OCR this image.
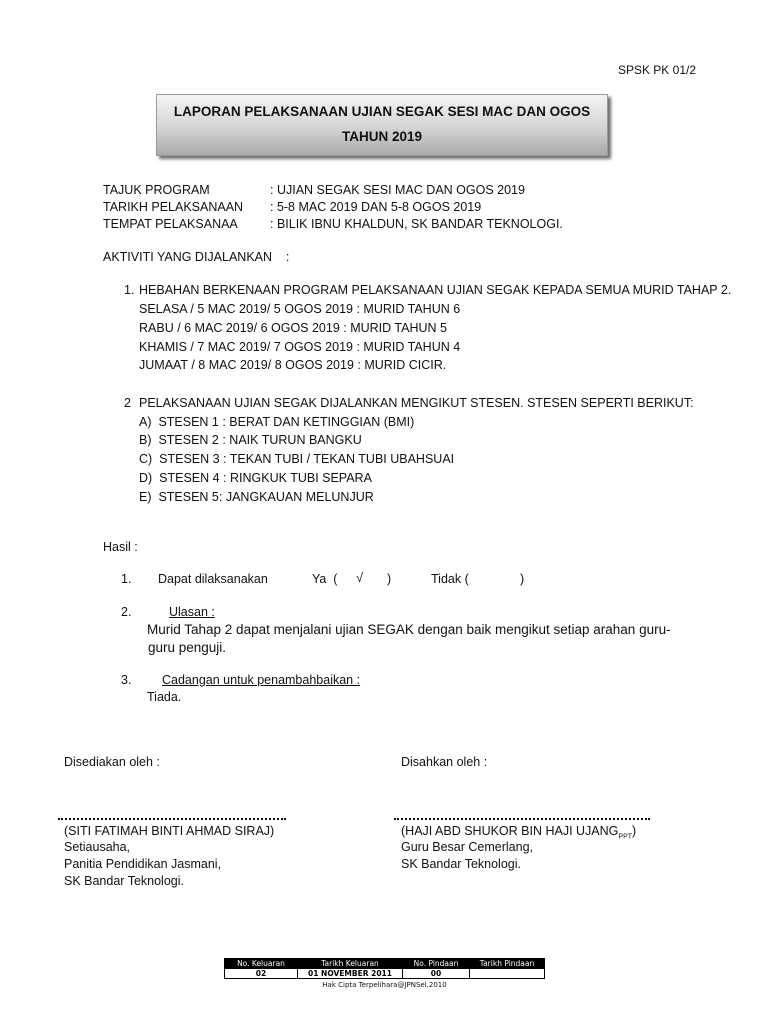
SPSK PK 01/2
LAPORAN PELAKSANAAN UJIAN SEGAK SESI MAC DAN OGOS
TAHUN 2019
TAJUK PROGRAM	: UJIAN SEGAK SESI MAC DAN OGOS 2019
TARIKH PELAKSANAAN : 5-8 MAC 2019 DAN 5-8 OGOS 2019
TEMPAT PELAKSANAA	: BILIK IBNU KHALDUN, SK BANDAR TEKNOLOGI.
AKTIVITI YANG DIJALANKAN    :
1. HEBAHAN BERKENAAN PROGRAM PELAKSANAAN UJIAN SEGAK KEPADA SEMUA MURID TAHAP 2.
SELASA / 5 MAC 2019/ 5 OGOS 2019 : MURID TAHUN 6
RABU / 6 MAC 2019/ 6 OGOS 2019 : MURID TAHUN 5
KHAMIS / 7 MAC 2019/ 7 OGOS 2019 : MURID TAHUN 4
JUMAAT / 8 MAC 2019/ 8 OGOS 2019 : MURID CICIR.
2 PELAKSANAAN UJIAN SEGAK DIJALANKAN MENGIKUT STESEN. STESEN SEPERTI BERIKUT:
A)  STESEN 1 : BERAT DAN KETINGGIAN (BMI)
B)  STESEN 2 : NAIK TURUN BANGKU
C)  STESEN 3 : TEKAN TUBI / TEKAN TUBI UBAHSUAI
D)  STESEN 4 : RINGKUK TUBI SEPARA
E)  STESEN 5: JANGKAUAN MELUNJUR
Hasil :
1. Dapat dilaksanakan	Ya  ( √ )	Tidak (	)
2.	Ulasan :
Murid Tahap 2 dapat menjalani ujian SEGAK dengan baik mengikut setiap arahan guru-
guru penguji.
3. Cadangan untuk penambahbaikan :
Tiada.
Disediakan oleh :	Disahkan oleh :
(SITI FATIMAH BINTI AHMAD SIRAJ)
Setiausaha,
Panitia Pendidikan Jasmani,
SK Bandar Teknologi.
(HAJI ABD SHUKOR BIN HAJI $UJANG_{PPT}$)
Guru Besar Cemerlang,
SK Bandar Teknologi.
No. Keluaran	Tarikh Keluaran	No. Pindaan	Tarikh Pindaan
02	01 NOVEMBER 2011	00	
Hak Cipta Terpelihara@JPNSel.2010
